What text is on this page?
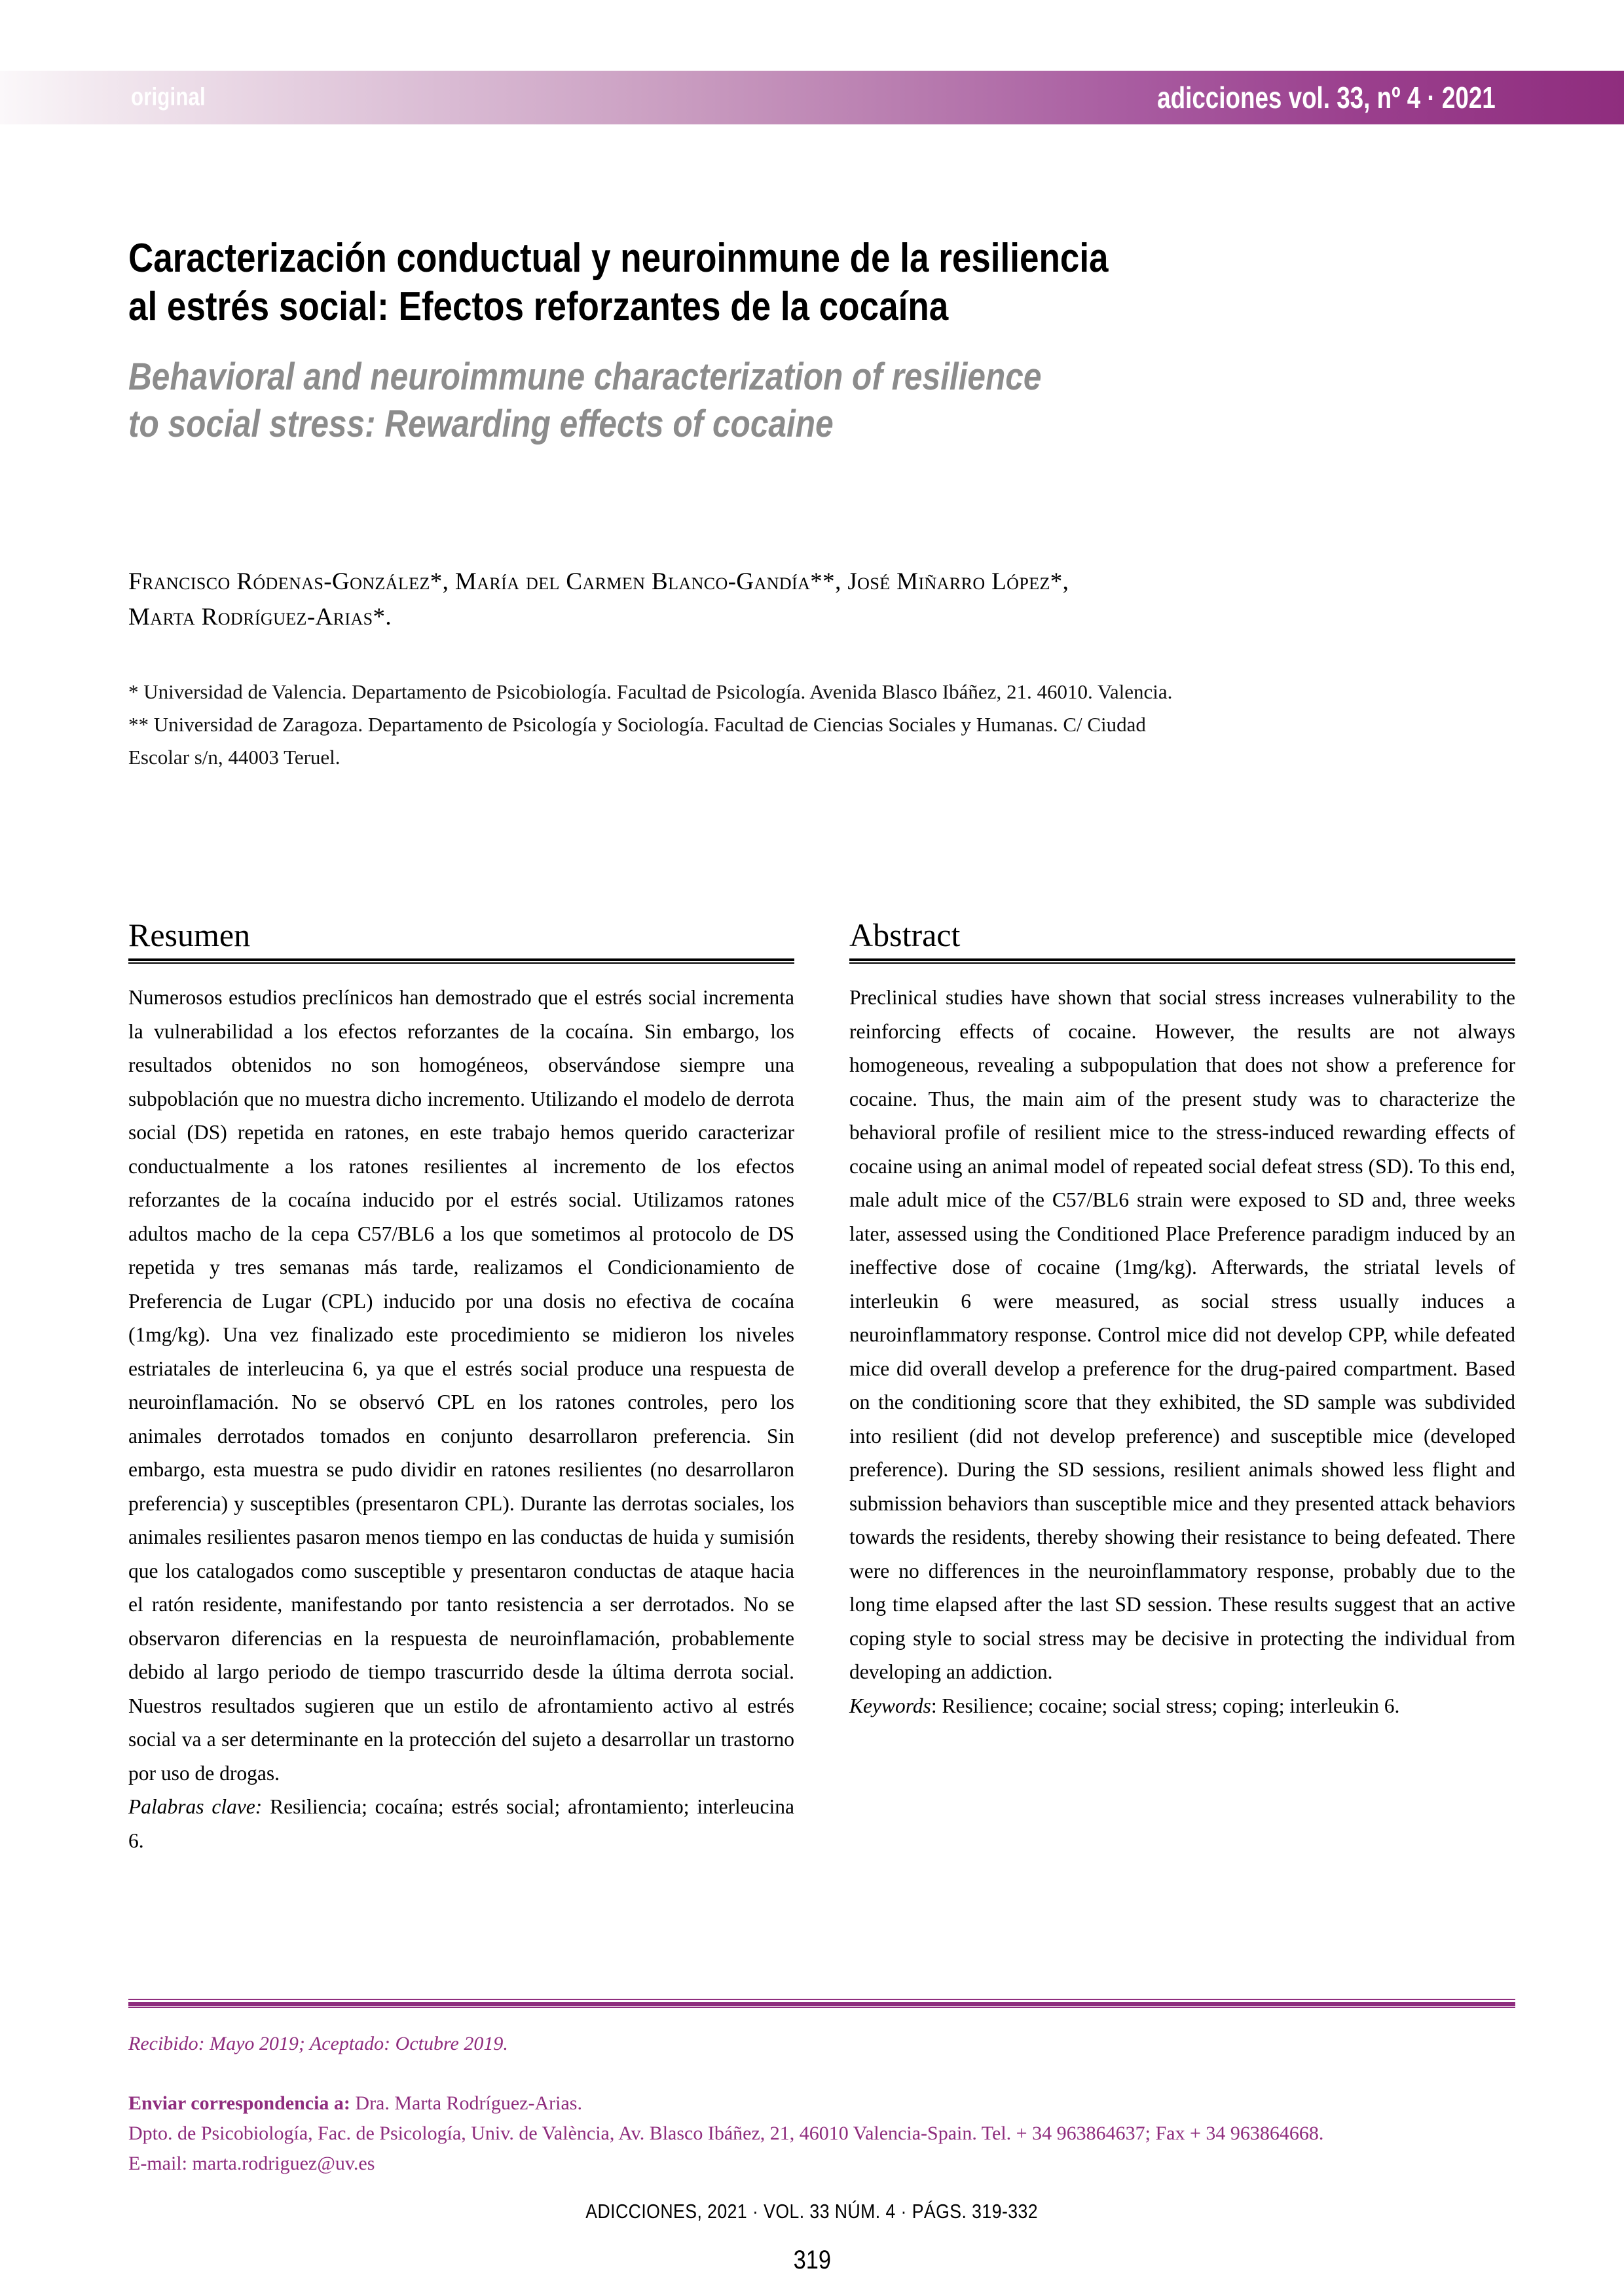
original	adicciones vol. 33, nº 4 · 2021
Caracterización conductual y neuroinmune de la resiliencia
al estrés social: Efectos reforzantes de la cocaína
Behavioral and neuroimmune characterization of resilience
to social stress: Rewarding effects of cocaine
Francisco Ródenas-González*, María del Carmen Blanco-Gandía**, José Miñarro López*,
Marta Rodríguez-Arias*.
* Universidad de Valencia. Departamento de Psicobiología. Facultad de Psicología. Avenida Blasco Ibáñez, 21. 46010. Valencia.
** Universidad de Zaragoza. Departamento de Psicología y Sociología. Facultad de Ciencias Sociales y Humanas. C/ Ciudad
Escolar s/n, 44003 Teruel.
Resumen

Numerosos estudios preclínicos han demostrado que el estrés social incrementa la vulnerabilidad a los efectos reforzantes de la cocaína. Sin embargo, los resultados obtenidos no son homogéneos, observándose siempre una subpoblación que no muestra dicho incremento. Utilizando el modelo de derrota social (DS) repetida en ratones, en este trabajo hemos querido caracterizar conductualmente a los ratones resilientes al incremento de los efectos reforzantes de la cocaína inducido por el estrés social. Utilizamos ratones adultos macho de la cepa C57/BL6 a los que sometimos al protocolo de DS repetida y tres semanas más tarde, realizamos el Condicionamiento de Preferencia de Lugar (CPL) inducido por una dosis no efectiva de cocaína (1mg/kg). Una vez finalizado este procedimiento se midieron los niveles estriatales de interleucina 6, ya que el estrés social produce una respuesta de neuroinflamación. No se observó CPL en los ratones controles, pero los animales derrotados tomados en conjunto desarrollaron preferencia. Sin embargo, esta muestra se pudo dividir en ratones resilientes (no desarrollaron preferencia) y susceptibles (presentaron CPL). Durante las derrotas sociales, los animales resilientes pasaron menos tiempo en las conductas de huida y sumisión que los catalogados como susceptible y presentaron conductas de ataque hacia el ratón residente, manifestando por tanto resistencia a ser derrotados. No se observaron diferencias en la respuesta de neuroinflamación, probablemente debido al largo periodo de tiempo trascurrido desde la última derrota social. Nuestros resultados sugieren que un estilo de afrontamiento activo al estrés social va a ser determinante en la protección del sujeto a desarrollar un trastorno por uso de drogas.

Palabras clave: Resiliencia; cocaína; estrés social; afrontamiento; interleucina 6.

Abstract

Preclinical studies have shown that social stress increases vulnerability to the reinforcing effects of cocaine. However, the results are not always homogeneous, revealing a subpopulation that does not show a preference for cocaine. Thus, the main aim of the present study was to characterize the behavioral profile of resilient mice to the stress-induced rewarding effects of cocaine using an animal model of repeated social defeat stress (SD). To this end, male adult mice of the C57/BL6 strain were exposed to SD and, three weeks later, assessed using the Conditioned Place Preference paradigm induced by an ineffective dose of cocaine (1mg/kg). Afterwards, the striatal levels of interleukin 6 were measured, as social stress usually induces a neuroinflammatory response. Control mice did not develop CPP, while defeated mice did overall develop a preference for the drug-paired compartment. Based on the conditioning score that they exhibited, the SD sample was subdivided into resilient (did not develop preference) and susceptible mice (developed preference). During the SD sessions, resilient animals showed less flight and submission behaviors than susceptible mice and they presented attack behaviors towards the residents, thereby showing their resistance to being defeated. There were no differences in the neuroinflammatory response, probably due to the long time elapsed after the last SD session. These results suggest that an active coping style to social stress may be decisive in protecting the individual from developing an addiction.

Keywords: Resilience; cocaine; social stress; coping; interleukin 6.

Recibido: Mayo 2019; Aceptado: Octubre 2019.

Enviar correspondencia a: Dra. Marta Rodríguez-Arias.

Dpto. de Psicobiología, Fac. de Psicología, Univ. de València, Av. Blasco Ibáñez, 21, 46010 Valencia-Spain. Tel. + 34 963864637; Fax + 34 963864668.

E-mail: marta.rodriguez@uv.es

ADICCIONES, 2021 · VOL. 33 NÚM. 4 · PÁGS. 319-332
319
